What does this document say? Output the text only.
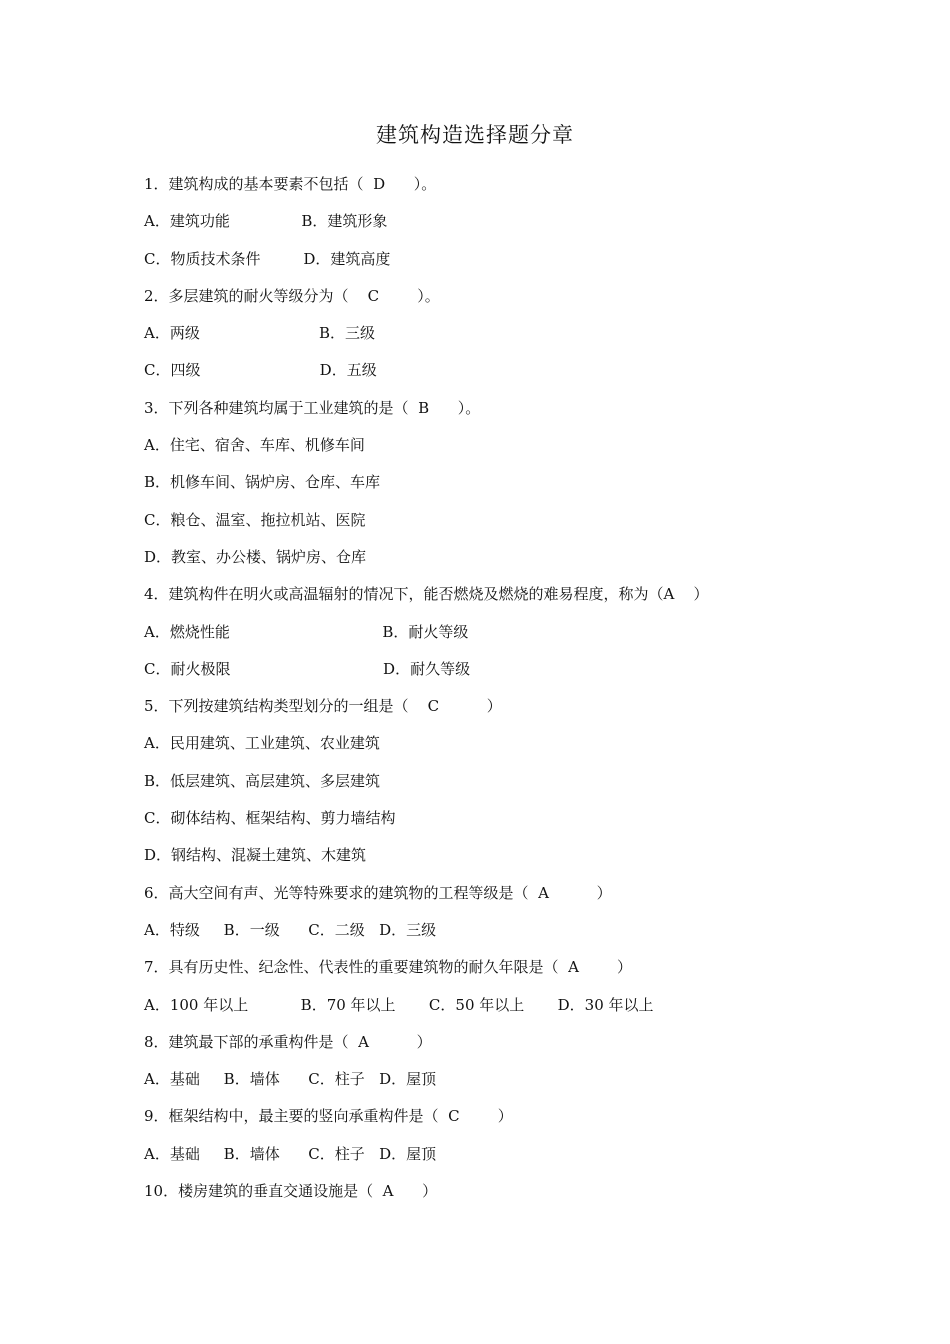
建筑构造选择题分章
1．建筑构成的基本要素不包括（  D      ）。
A．建筑功能               B．建筑形象
C．物质技术条件         D．建筑高度
2．多层建筑的耐火等级分为（    C        ）。
A．两级                         B．三级
C．四级                         D．五级
3．下列各种建筑均属于工业建筑的是（  B      ）。
A．住宅、宿舍、车库、机修车间
B．机修车间、锅炉房、仓库、车库
C．粮仓、温室、拖拉机站、医院
D．教室、办公楼、锅炉房、仓库
4．建筑构件在明火或高温辐射的情况下，能否燃烧及燃烧的难易程度，称为（A    ）
A．燃烧性能                                B．耐火等级
C．耐火极限                                D．耐久等级
5．下列按建筑结构类型划分的一组是（    C          ）
A．民用建筑、工业建筑、农业建筑
B．低层建筑、高层建筑、多层建筑
C．砌体结构、框架结构、剪力墙结构
D．钢结构、混凝土建筑、木建筑
6．高大空间有声、光等特殊要求的建筑物的工程等级是（  A          ）
A．特级     B．一级      C．二级   D．三级
7．具有历史性、纪念性、代表性的重要建筑物的耐久年限是（  A        ）
A．100 年以上           B．70 年以上       C．50 年以上       D．30 年以上
8．建筑最下部的承重构件是（  A          ）
A．基础     B．墙体      C．柱子   D．屋顶
9．框架结构中，最主要的竖向承重构件是（  C        ）
A．基础     B．墙体      C．柱子   D．屋顶
10．楼房建筑的垂直交通设施是（  A      ）
